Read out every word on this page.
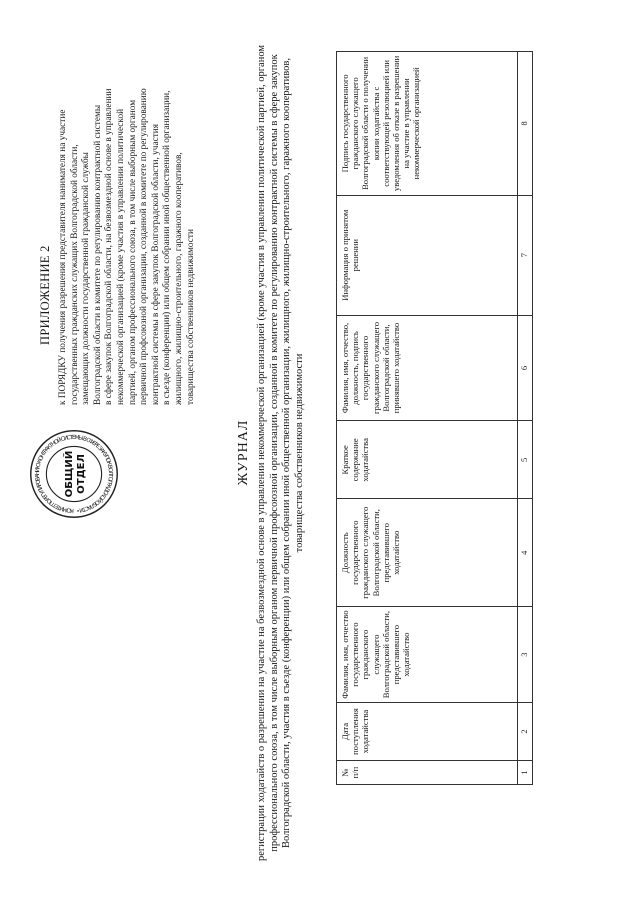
ПРИЛОЖЕНИЕ 2 к ПОРЯДКУ получения разрешения представителя нанимателя на участие государственных гражданских служащих Волгоградской области, замещающих должности государственной гражданской службы Волгоградской области в комитете по регулированию контрактной системы в сфере закупок Волгоградской области, на безвозмездной основе в управлении некоммерческой организацией (кроме участия в управлении политической партией, органом профессионального союза, в том числе выборным органом первичной профсоюзной организации, созданной в комитете по регулированию контрактной системы в сфере закупок Волгоградской области, участия в съезде (конференции) или общем собрании иной общественной организации, жилищного, жилищно-строительного, гаражного кооперативов, товарищества собственников недвижимости

КОМИТЕТ ПО РЕГУЛИРОВАНИЮ КОНТРАКТНОЙ СИСТЕМЫ В СФЕРЕ ЗАКУПОК ВОЛГОГРАДСКОЙ ОБЛАСТИ •
ОБЩИЙ ОТДЕЛ	ЖУРНАЛ регистрации ходатайств о разрешении на участие на безвозмездной основе в управлении некоммерческой организацией (кроме участия в управлении политической партией, органом профессионального союза, в том числе выборным органом первичной профсоюзной организации, созданной в комитете по регулированию контрактной системы в сфере закупок Волгоградской области, участия в съезде (конференции) или общем собрании иной общественной организации, жилищного, жилищно-строительного, гаражного кооперативов, товарищества собственников недвижимости
№ п/п	Дата поступления ходатайства	Фамилия, имя, отчество государственного гражданского служащего Волгоградской области, представившего ходатайство	Должность государственного гражданского служащего Волгоградской области, представившего ходатайство	Краткое содержание ходатайства	Фамилия, имя, отчество, должность, подпись государственного гражданского служащего Волгоградской области, принявшего ходатайство	Информация о принятом решении	Подпись государственного гражданского служащего Волгоградской области о получении копии ходатайства с соответствующей резолюцией или уведомления об отказе в разрешении на участие в управлении некоммерческой организацией
1	2	3	4	5	6	7	8
